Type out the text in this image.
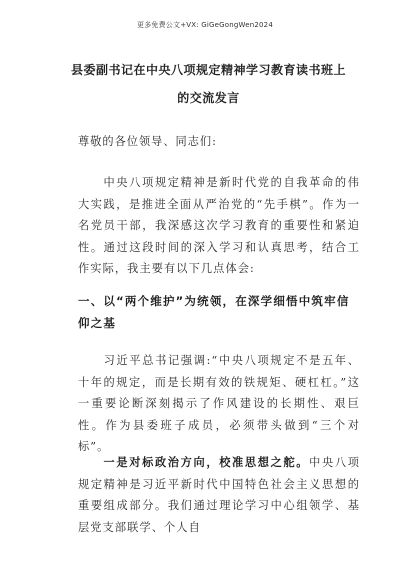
更多免费公文+VX: GiGeGongWen2024
县委副书记在中央八项规定精神学习教育读书班上的交流发言
尊敬的各位领导、同志们:
中央八项规定精神是新时代党的自我革命的伟大实践，是推进全面从严治党的“先手棋”。作为一名党员干部，我深感这次学习教育的重要性和紧迫性。通过这段时间的深入学习和认真思考，结合工作实际，我主要有以下几点体会:
一、以“两个维护”为统领，在深学细悟中筑牢信仰之基
习近平总书记强调:“中央八项规定不是五年、十年的规定，而是长期有效的铁规矩、硬杠杠。”这一重要论断深刻揭示了作风建设的长期性、艰巨性。作为县委班子成员，必须带头做到“三个对标”。
一是对标政治方向，校准思想之舵。中央八项规定精神是习近平新时代中国特色社会主义思想的重要组成部分。我们通过理论学习中心组领学、基层党支部联学、个人自
